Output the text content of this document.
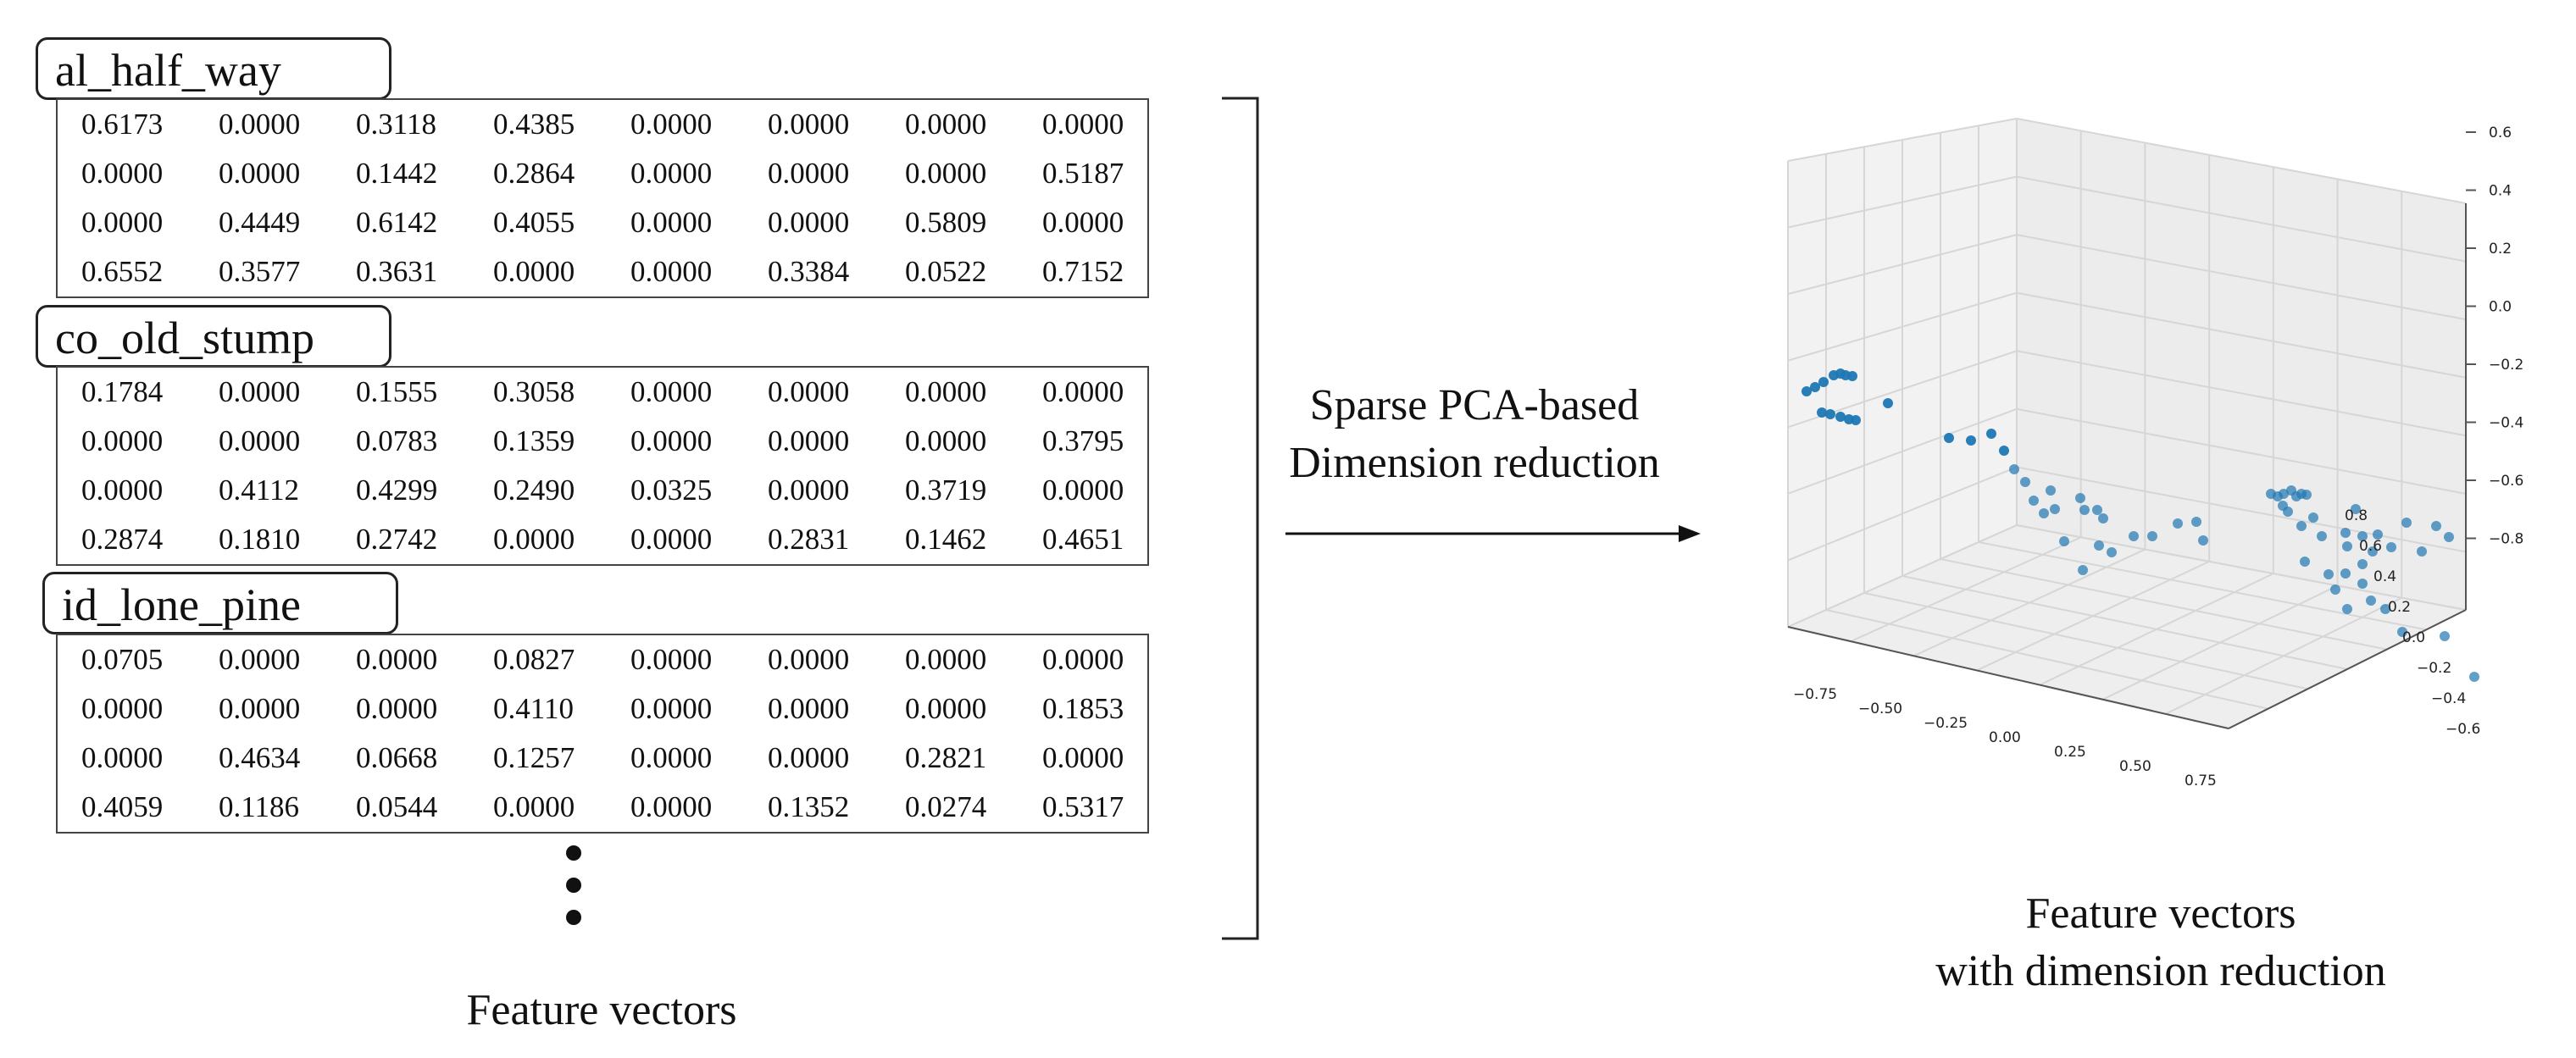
al_half_way
0.6173	0.0000	0.3118	0.4385	0.0000	0.0000	0.0000	0.0000
0.0000	0.0000	0.1442	0.2864	0.0000	0.0000	0.0000	0.5187
0.0000	0.4449	0.6142	0.4055	0.0000	0.0000	0.5809	0.0000
0.6552	0.3577	0.3631	0.0000	0.0000	0.3384	0.0522	0.7152
co_old_stump
0.1784	0.0000	0.1555	0.3058	0.0000	0.0000	0.0000	0.0000
0.0000	0.0000	0.0783	0.1359	0.0000	0.0000	0.0000	0.3795
0.0000	0.4112	0.4299	0.2490	0.0325	0.0000	0.3719	0.0000
0.2874	0.1810	0.2742	0.0000	0.0000	0.2831	0.1462	0.4651
id_lone_pine
0.0705	0.0000	0.0000	0.0827	0.0000	0.0000	0.0000	0.0000
0.0000	0.0000	0.0000	0.4110	0.0000	0.0000	0.0000	0.1853
0.0000	0.4634	0.0668	0.1257	0.0000	0.0000	0.2821	0.0000
0.4059	0.1186	0.0544	0.0000	0.0000	0.1352	0.0274	0.5317
Feature vectors
Sparse PCA-based
Dimension reduction
0.6
0.4
0.2
0.0
−0.2
−0.4
−0.6
−0.8
−0.75
−0.50
−0.25
0.00
0.25
0.50
0.75
−0.6
−0.4
−0.2
0.0
0.2
0.4
0.6
0.8
Feature vectors
with dimension reduction
